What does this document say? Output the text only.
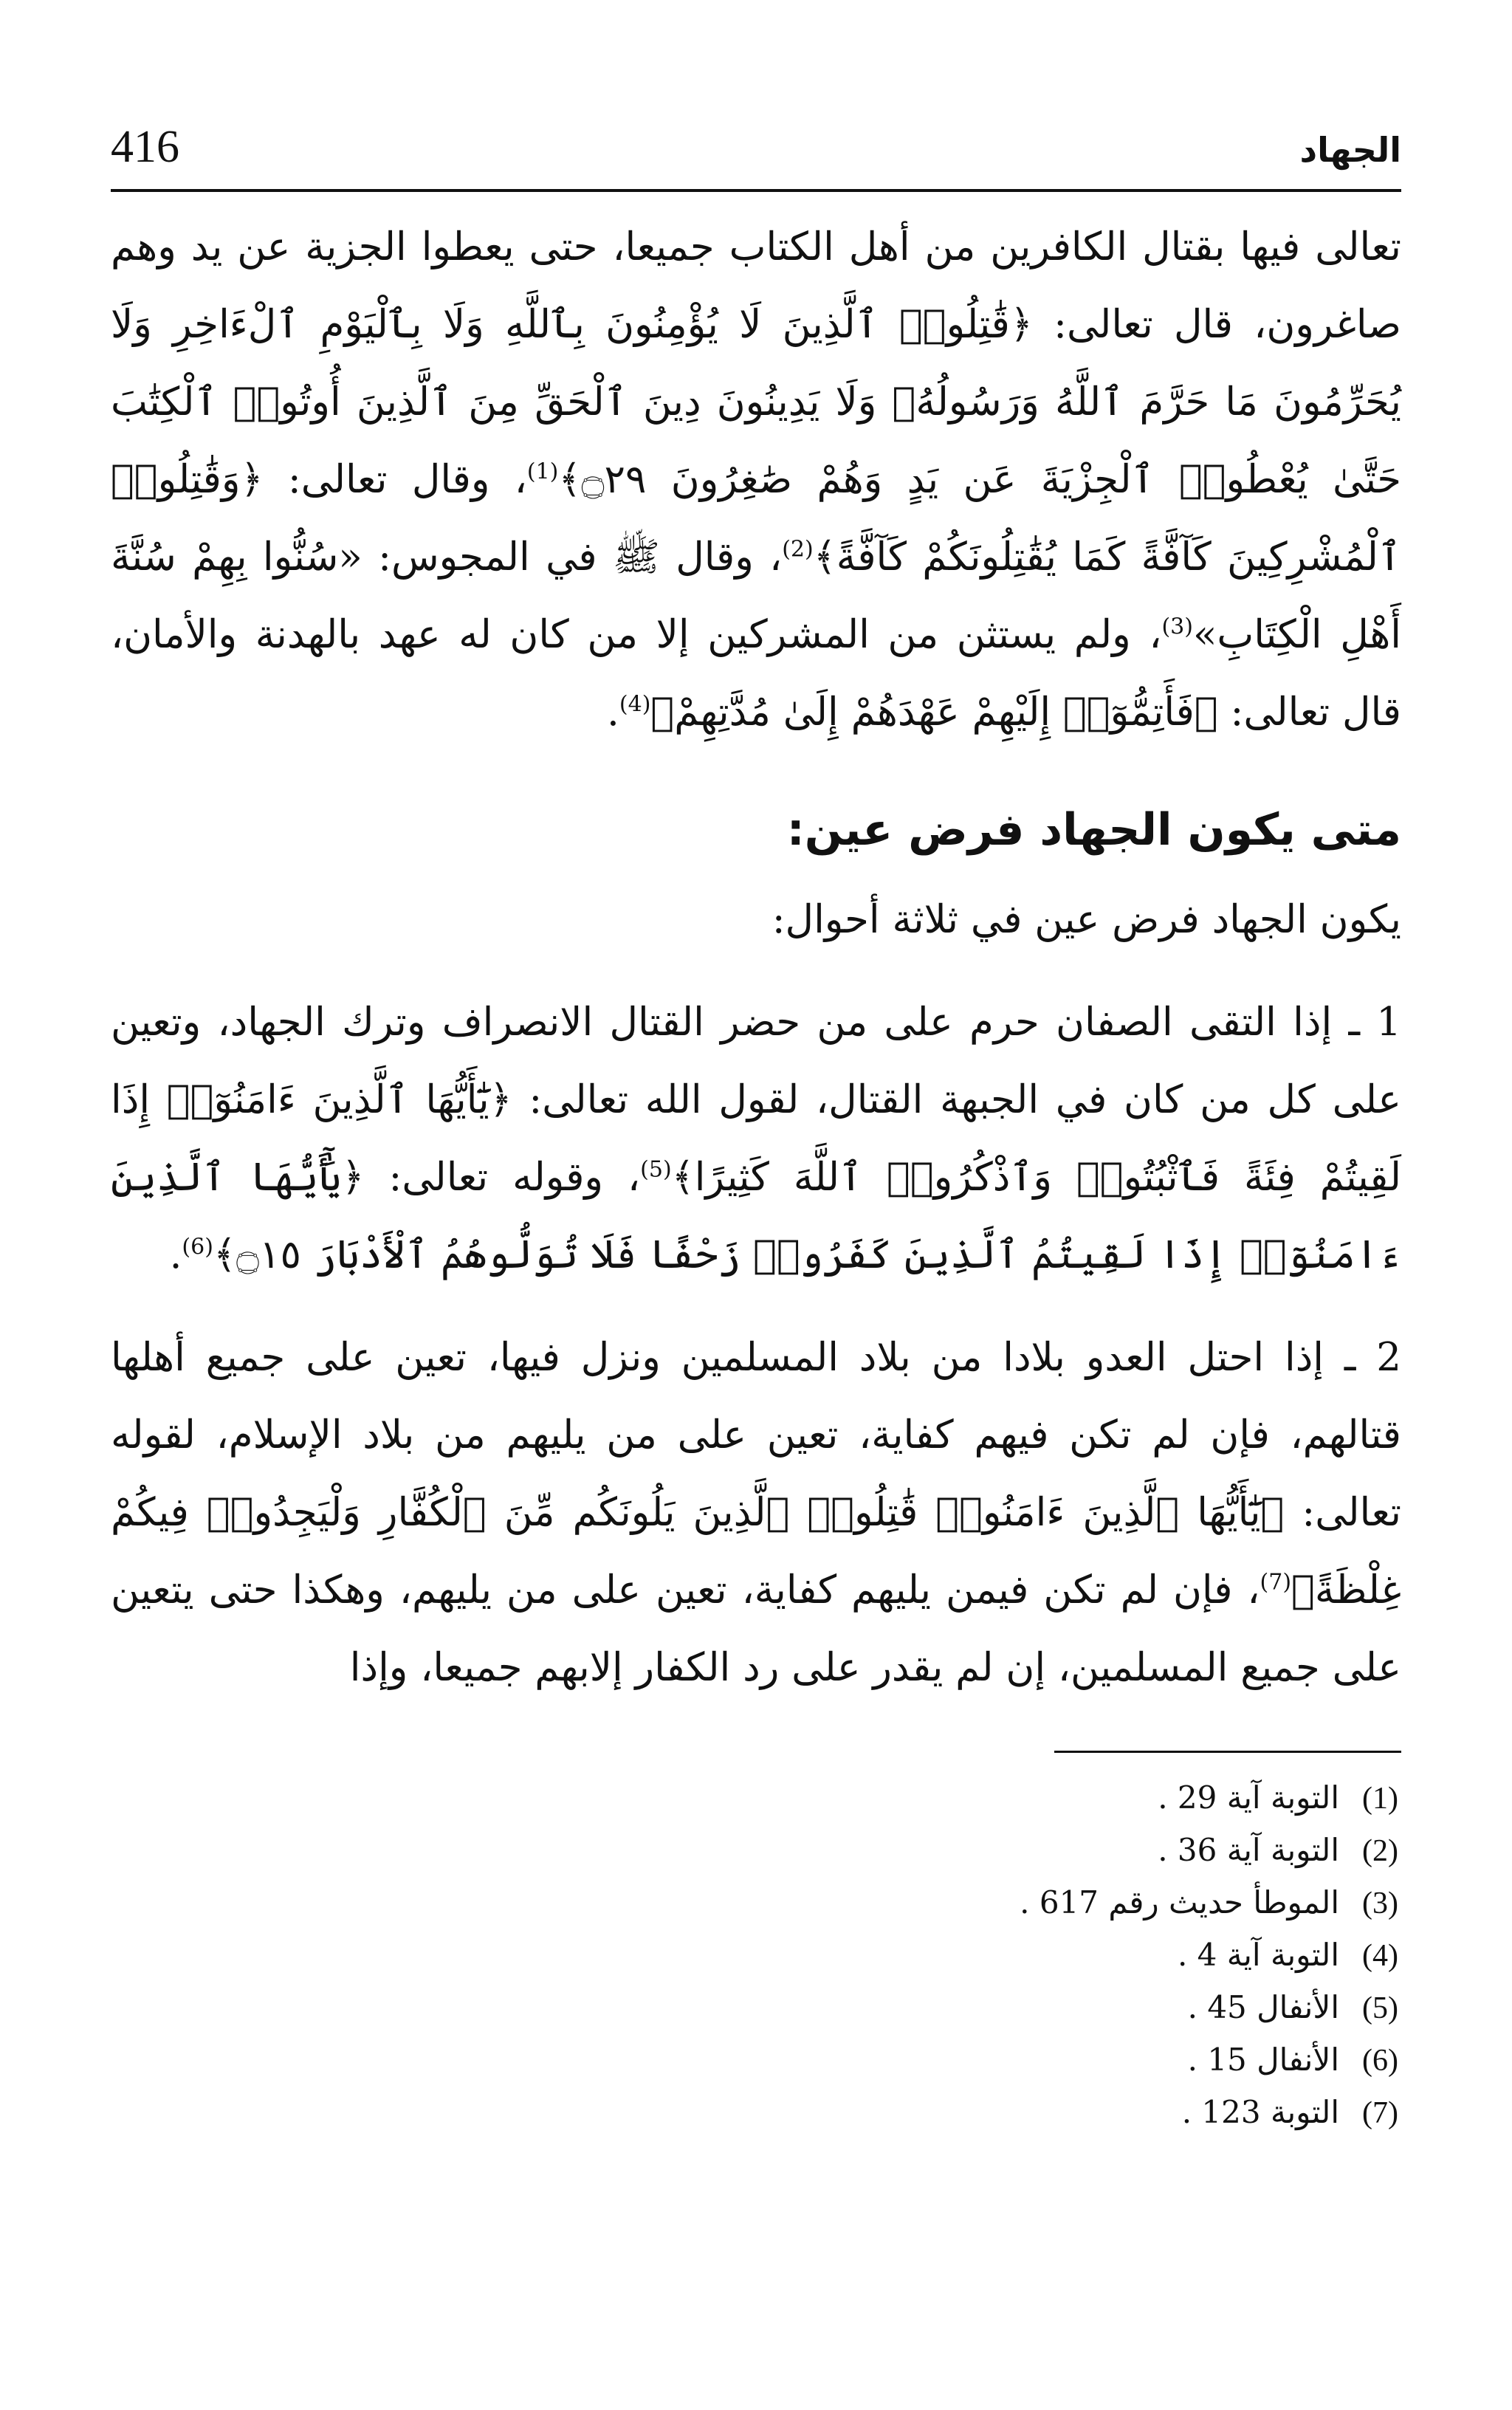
416	الجهاد

تعالى فيها بقتال الكافرين من أهل الكتاب جميعا، حتى يعطوا الجزية عن يد وهم صاغرون، قال تعالى: ﴿قَٰتِلُوا۟ ٱلَّذِينَ لَا يُؤْمِنُونَ بِٱللَّهِ وَلَا بِٱلْيَوْمِ ٱلْءَاخِرِ وَلَا يُحَرِّمُونَ مَا حَرَّمَ ٱللَّهُ وَرَسُولُهُۥ وَلَا يَدِينُونَ دِينَ ٱلْحَقِّ مِنَ ٱلَّذِينَ أُوتُوا۟ ٱلْكِتَٰبَ حَتَّىٰ يُعْطُوا۟ ٱلْجِزْيَةَ عَن يَدٍ وَهُمْ صَٰغِرُونَ ۝٢٩﴾$^{(1)}$، وقال تعالى: ﴿وَقَٰتِلُوا۟ ٱلْمُشْرِكِينَ كَآفَّةً كَمَا يُقَٰتِلُونَكُمْ كَآفَّةً﴾$^{(2)}$، وقال ﷺ في المجوس: «سُنُّوا بِهِمْ سُنَّةَ أَهْلِ الْكِتَابِ»$^{(3)}$، ولم يستثن من المشركين إلا من كان له عهد بالهدنة والأمان، قال تعالى: ﴿فَأَتِمُّوٓا۟ إِلَيْهِمْ عَهْدَهُمْ إِلَىٰ مُدَّتِهِمْ﴾$^{(4)}$.

متى يكون الجهاد فرض عين:

يكون الجهاد فرض عين في ثلاثة أحوال:

1 ـ إذا التقى الصفان حرم على من حضر القتال الانصراف وترك الجهاد، وتعين على كل من كان في الجبهة القتال، لقول الله تعالى: ﴿يَٰٓأَيُّهَا ٱلَّذِينَ ءَامَنُوٓا۟ إِذَا لَقِيتُمْ فِئَةً فَٱثْبُتُوا۟ وَٱذْكُرُوا۟ ٱللَّهَ كَثِيرًا﴾$^{(5)}$، وقوله تعالى: ﴿يَٰٓأَيُّهَا ٱلَّذِينَ ءَامَنُوٓا۟ إِذَا لَقِيتُمُ ٱلَّذِينَ كَفَرُوا۟ زَحْفًا فَلَا تُوَلُّوهُمُ ٱلْأَدْبَارَ ۝١٥﴾$^{(6)}$.

2 ـ إذا احتل العدو بلادا من بلاد المسلمين ونزل فيها، تعين على جميع أهلها قتالهم، فإن لم تكن فيهم كفاية، تعين على من يليهم من بلاد الإسلام، لقوله تعالى: ﴿يَٰٓأَيُّهَا ٱلَّذِينَ ءَامَنُوا۟ قَٰتِلُوا۟ ٱلَّذِينَ يَلُونَكُم مِّنَ ٱلْكُفَّارِ وَلْيَجِدُوا۟ فِيكُمْ غِلْظَةً﴾$^{(7)}$، فإن لم تكن فيمن يليهم كفاية، تعين على من يليهم، وهكذا حتى يتعين على جميع المسلمين، إن لم يقدر على رد الكفار إلابهم جميعا، وإذا

(1)
التوبة آية 29 .
(2)
التوبة آية 36 .
(3)
الموطأ حديث رقم 617 .
(4)
التوبة آية 4 .
(5)
الأنفال 45 .
(6)
الأنفال 15 .
(7)
التوبة 123 .
